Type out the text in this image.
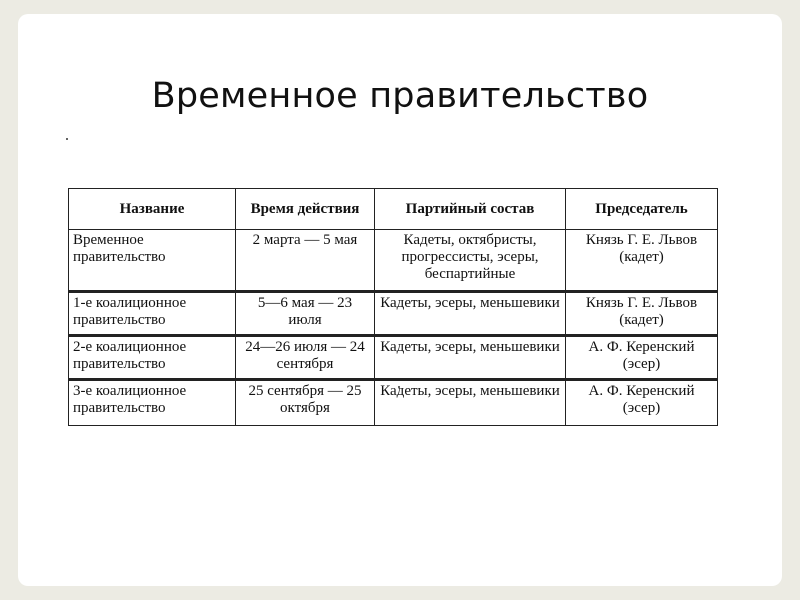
Временное правительство
Название	Время действия	Партийный состав	Председатель
Временное правительство	2 марта — 5 мая	Кадеты, октябристы, прогрессисты, эсеры, беспартийные	Князь Г. Е. Львов (кадет)
1-е коалиционное правительство	5—6 мая — 23 июля	Кадеты, эсеры, меньшевики	Князь Г. Е. Львов (кадет)
2-е коалиционное правительство	24—26 июля — 24 сентября	Кадеты, эсеры, меньшевики	А. Ф. Керенский (эсер)
3-е коалиционное правительство	25 сентября — 25 октября	Кадеты, эсеры, меньшевики	А. Ф. Керенский (эсер)
